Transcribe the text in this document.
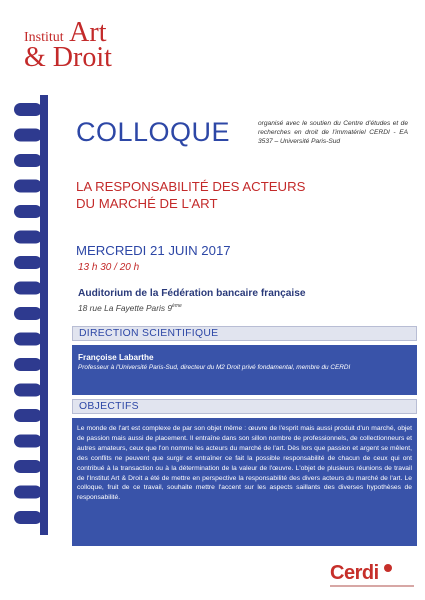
Institut Art
& Droit
COLLOQUE	organisé avec le soutien du Centre d'études et de recherches en droit de l'immatériel CERDI - EA 3537 – Université Paris-Sud
LA RESPONSABILITÉ DES ACTEURS
DU MARCHÉ DE L'ART
MERCREDI 21 JUIN 2017
13 h 30 / 20 h
Auditorium de la Fédération bancaire française
18 rue La Fayette Paris 9ème
DIRECTION SCIENTIFIQUE
Françoise Labarthe
Professeur à l'Université Paris-Sud, directeur du M2 Droit privé fondamental, membre du CERDI
OBJECTIFS
Le monde de l'art est complexe de par son objet même : œuvre de l'esprit mais aussi produit d'un marché, objet de passion mais aussi de placement. Il entraîne dans son sillon nombre de professionnels, de collectionneurs et autres amateurs, ceux que l'on nomme les acteurs du marché de l'art. Dès lors que passion et argent se mêlent, des conflits ne peuvent que surgir et entraîner ce fait la possible responsabilité de chacun de ceux qui ont contribué à la transaction ou à la détermination de la valeur de l'œuvre. L'objet de plusieurs réunions de travail de l'Institut Art & Droit a été de mettre en perspective la responsabilité des divers acteurs du marché de l'art. Le colloque, fruit de ce travail, souhaite mettre l'accent sur les aspects saillants des diverses hypothèses de responsabilité.
Cerdi
